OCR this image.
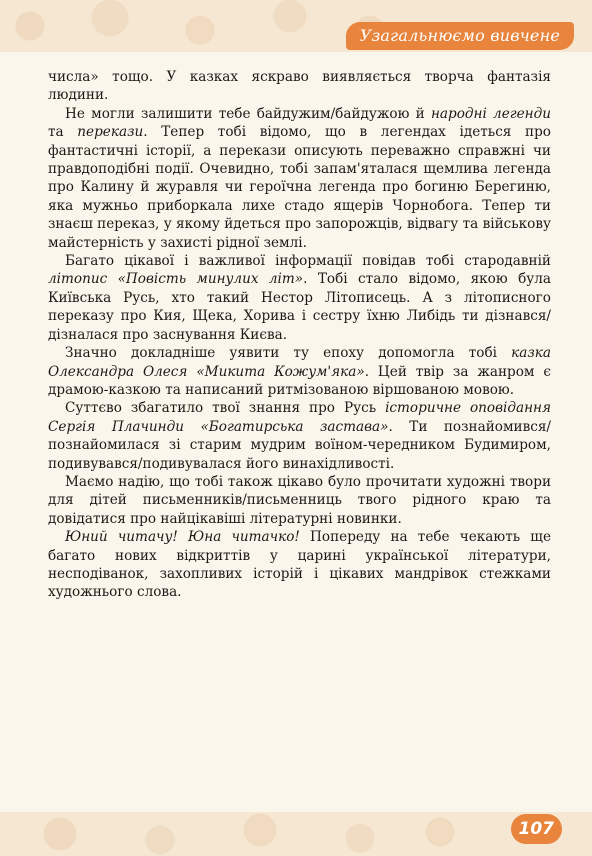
Узагальнюємо вивчене

числа» тощо. У казках яскраво виявляється творча фантазія людини.

Не могли залишити тебе байдужим/байдужою й народні легенди та перекази. Тепер тобі відомо, що в легендах ідеться про фантастичні історії, а перекази описують переважно справжні чи правдоподібні події. Очевидно, тобі запам'яталася щемлива легенда про Калину й журавля чи героїчна легенда про богиню Берегиню, яка мужньо приборкала лихе стадо ящерів Чорнобога. Тепер ти знаєш переказ, у якому йдеться про запорожців, відвагу та військову майстерність у захисті рідної землі.

Багато цікавої і важливої інформації повідав тобі стародавній літопис «Повість минулих літ». Тобі стало відомо, якою була Київська Русь, хто такий Нестор Літописець. А з літописного переказу про Кия, Щека, Хорива і сестру їхню Либідь ти дізнався/дізналася про заснування Києва.

Значно докладніше уявити ту епоху допомогла тобі казка Олександра Олеся «Микита Кожум'яка». Цей твір за жанром є драмою-казкою та написаний ритмізованою віршованою мовою.

Суттєво збагатило твої знання про Русь історичне оповідання Сергія Плачинди «Богатирська застава». Ти познайомився/познайомилася зі старим мудрим воїном-чередником Будимиром, подивувався/подивувалася його винахідливості.

Маємо надію, що тобі також цікаво було прочитати художні твори для дітей письменників/письменниць твого рідного краю та довідатися про найцікавіші літературні новинки.

Юний читачу! Юна читачко! Попереду на тебе чекають ще багато нових відкриттів у царині української літератури, несподіванок, захопливих історій і цікавих мандрівок стежками художнього слова.

107
